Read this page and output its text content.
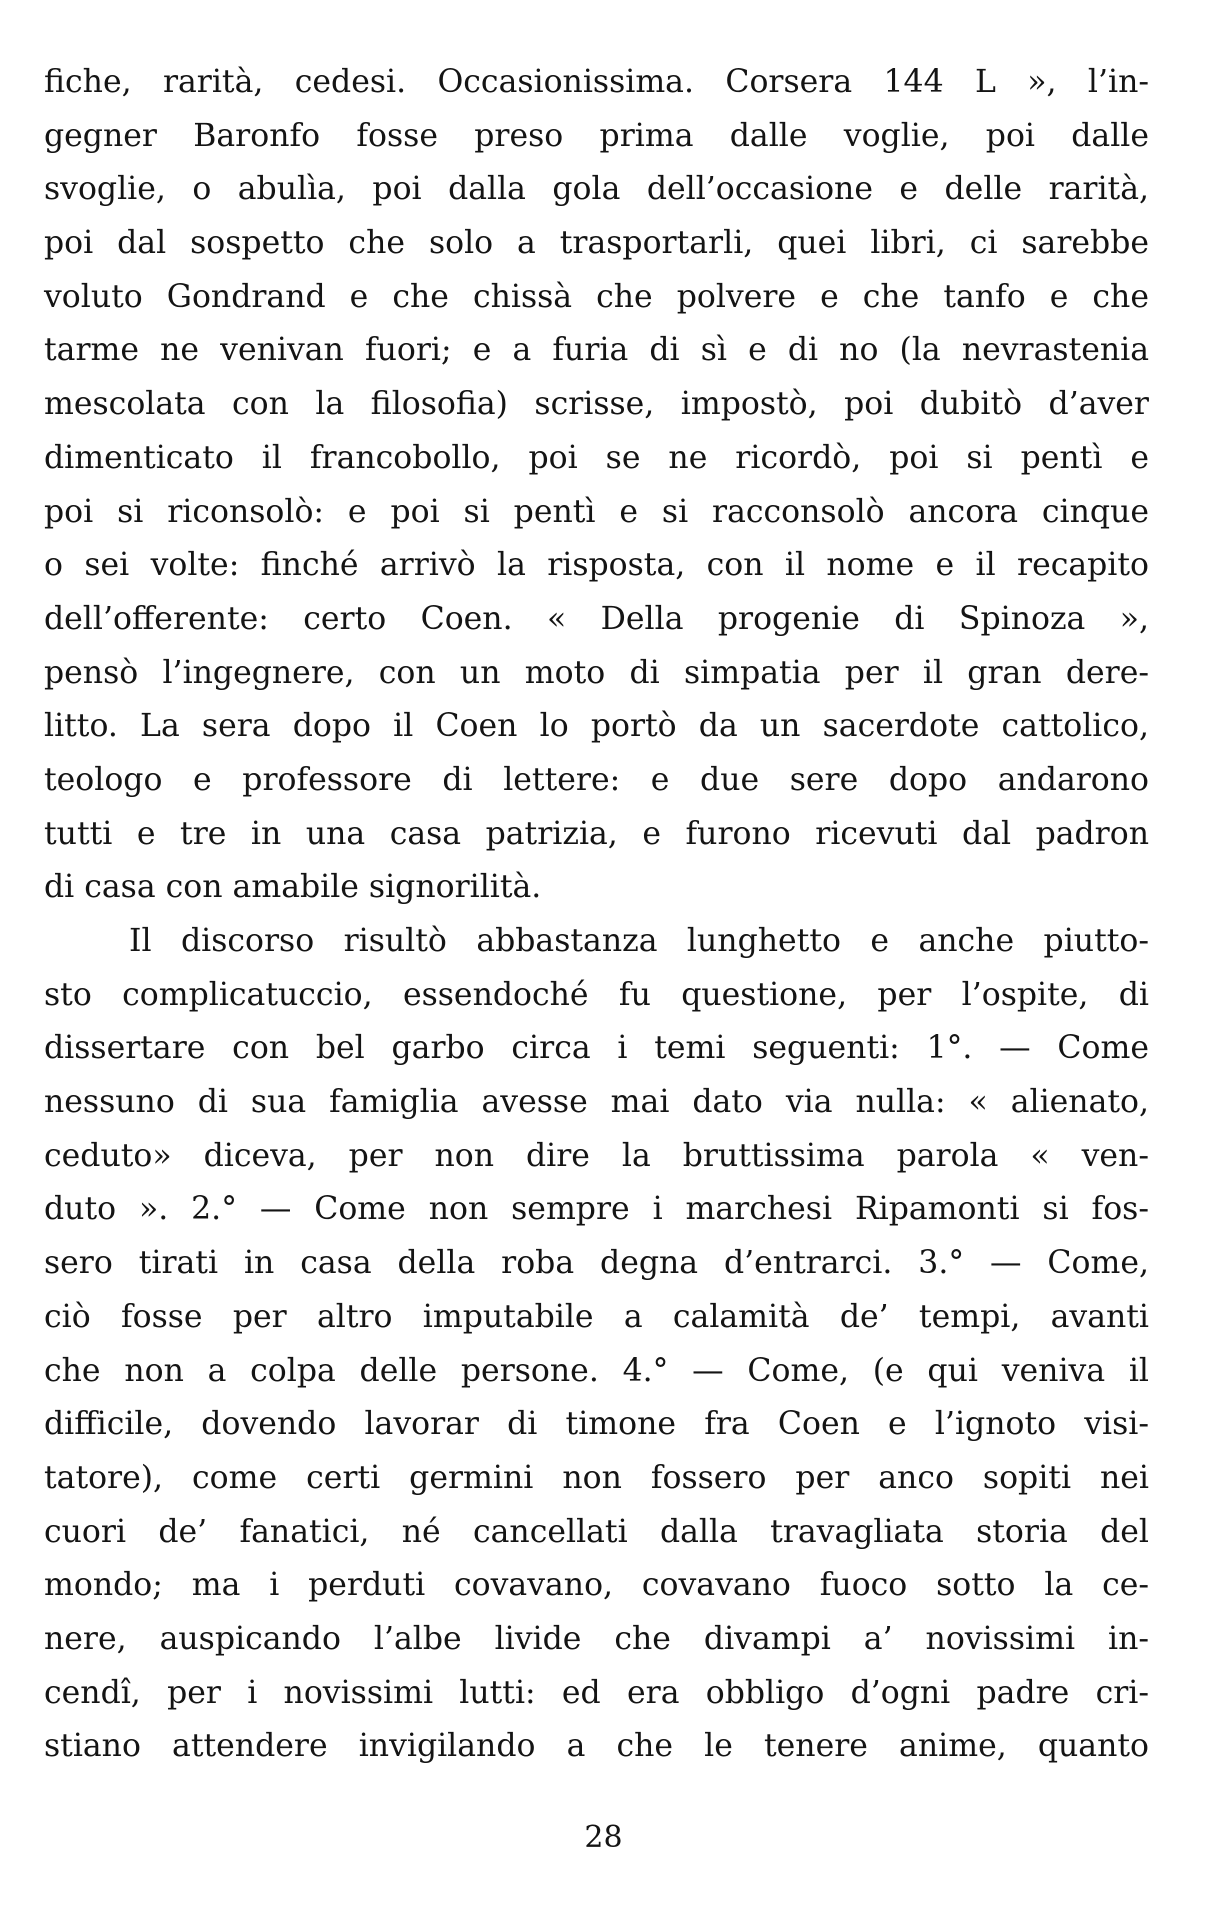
fiche, rarità, cedesi. Occasionissima. Corsera 144 L », l’in-
gegner Baronfo fosse preso prima dalle voglie, poi dalle
svoglie, o abulìa, poi dalla gola dell’occasione e delle rarità,
poi dal sospetto che solo a trasportarli, quei libri, ci sarebbe
voluto Gondrand e che chissà che polvere e che tanfo e che
tarme ne venivan fuori; e a furia di sì e di no (la nevrastenia
mescolata con la filosofia) scrisse, impostò, poi dubitò d’aver
dimenticato il francobollo, poi se ne ricordò, poi si pentì e
poi si riconsolò: e poi si pentì e si racconsolò ancora cinque
o sei volte: finché arrivò la risposta, con il nome e il recapito
dell’offerente: certo Coen. « Della progenie di Spinoza »,
pensò l’ingegnere, con un moto di simpatia per il gran dere-
litto. La sera dopo il Coen lo portò da un sacerdote cattolico,
teologo e professore di lettere: e due sere dopo andarono
tutti e tre in una casa patrizia, e furono ricevuti dal padron
di casa con amabile signorilità.
Il discorso risultò abbastanza lunghetto e anche piutto-
sto complicatuccio, essendoché fu questione, per l’ospite, di
dissertare con bel garbo circa i temi seguenti: 1°. — Come
nessuno di sua famiglia avesse mai dato via nulla: « alienato,
ceduto» diceva, per non dire la bruttissima parola « ven-
duto ». 2.° — Come non sempre i marchesi Ripamonti si fos-
sero tirati in casa della roba degna d’entrarci. 3.° — Come,
ciò fosse per altro imputabile a calamità de’ tempi, avanti
che non a colpa delle persone. 4.° — Come, (e qui veniva il
difficile, dovendo lavorar di timone fra Coen e l’ignoto visi-
tatore), come certi germini non fossero per anco sopiti nei
cuori de’ fanatici, né cancellati dalla travagliata storia del
mondo; ma i perduti covavano, covavano fuoco sotto la ce-
nere, auspicando l’albe livide che divampi a’ novissimi in-
cendî, per i novissimi lutti: ed era obbligo d’ogni padre cri-
stiano attendere invigilando a che le tenere anime, quanto
28
